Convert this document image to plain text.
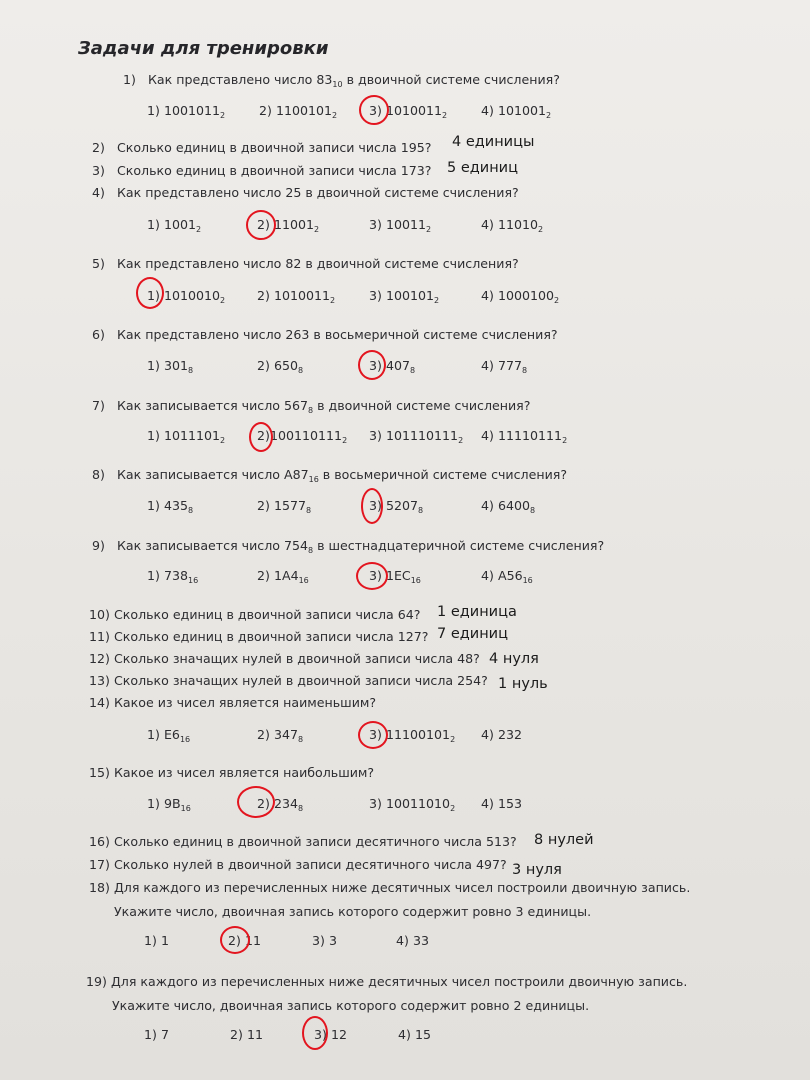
Задачи для тренировки
1) Как представлено число $83_{10}$ в двоичной системе счисления?
1) $1001011_2$	2) $1100101_2$	3) $1010011_2$	4) $101001_2$
2) Сколько единиц в двоичной записи числа 195? 4 единицы
3) Сколько единиц в двоичной записи числа 173? 5 единиц
4) Как представлено число 25 в двоичной системе счисления?
1) $1001_2$	2) $11001_2$	3) $10011_2$	4) $11010_2$
5) Как представлено число 82 в двоичной системе счисления?
1) $1010010_2$	2) $1010011_2$	3) $100101_2$	4) $1000100_2$
6) Как представлено число 263 в восьмеричной системе счисления?
1) $301_8$	2) $650_8$	3) $407_8$	4) $777_8$
7) Как записывается число $567_8$ в двоичной системе счисления?
1) $1011101_2$	$2)100110111_2$ 3) $101110111_2$ 4) $11110111_2$
8) Как записывается число $A87_{16}$ в восьмеричной системе счисления?
1) $435_8$	2) $1577_8$	3) $5207_8$	4) $6400_8$
9) Как записывается число $754_8$ в шестнадцатеричной системе счисления?
1) $738_{16}$	2) $1A4_{16}$	3) $1EC_{16}$	4) $A56_{16}$
10) Сколько единиц в двоичной записи числа 64? 1 единица
11) Сколько единиц в двоичной записи числа 127? 7 единиц
12) Сколько значащих нулей в двоичной записи числа 48? 4 нуля
13) Сколько значащих нулей в двоичной записи числа 254? 1 нуль
14) Какое из чисел является наименьшим?
1) $E6_{16}$	2) $347_8$	3) $11100101_2$ 4) 232
15) Какое из чисел является наибольшим?
1) $9B_{16}$	2) $234_8$	3) $10011010_2$ 4) 153
16) Сколько единиц в двоичной записи десятичного числа 513? 8 нулей
17) Сколько нулей в двоичной записи десятичного числа 497? 3 нуля
18) Для каждого из перечисленных ниже десятичных чисел построили двоичную запись.
Укажите число, двоичная запись которого содержит ровно 3 единицы.
1) 1	2) 11	3) 3	4) 33
19) Для каждого из перечисленных ниже десятичных чисел построили двоичную запись.
Укажите число, двоичная запись которого содержит ровно 2 единицы.
1) 7	2) 11	3) 12	4) 15
